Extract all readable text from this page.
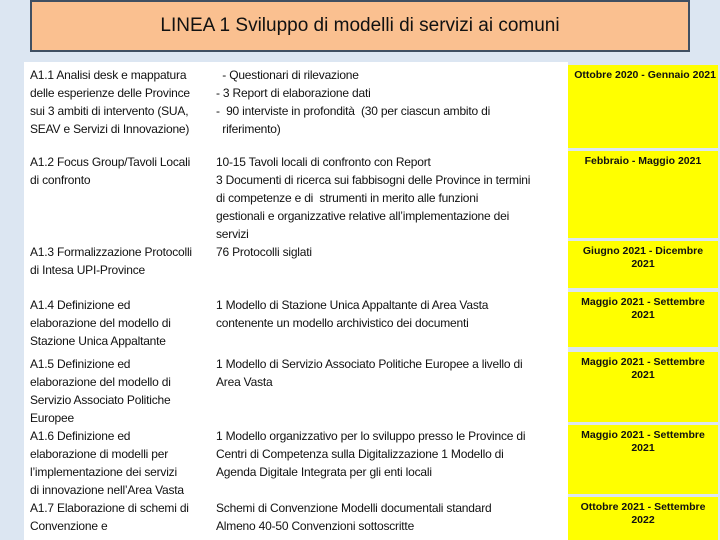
LINEA 1 Sviluppo di modelli di servizi ai comuni
A1.1 Analisi desk e mappatura
delle esperienze delle Province
sui 3 ambiti di intervento (SUA,
SEAV e Servizi di Innovazione)
- Questionari di rilevazione
- 3 Report di elaborazione dati
-  90 interviste in profondità  (30 per ciascun ambito di
riferimento)
A1.2 Focus Group/Tavoli Locali
di confronto
10-15 Tavoli locali di confronto con Report
3 Documenti di ricerca sui fabbisogni delle Province in termini
di competenze e di  strumenti in merito alle funzioni
gestionali e organizzative relative all’implementazione dei
servizi
A1.3 Formalizzazione Protocolli
di Intesa UPI-Province
76 Protocolli siglati
A1.4 Definizione ed
elaborazione del modello di
Stazione Unica Appaltante
1 Modello di Stazione Unica Appaltante di Area Vasta
contenente un modello archivistico dei documenti
A1.5 Definizione ed
elaborazione del modello di
Servizio Associato Politiche
Europee
1 Modello di Servizio Associato Politiche Europee a livello di
Area Vasta
A1.6 Definizione ed
elaborazione di modelli per
l’implementazione dei servizi
di innovazione nell’Area Vasta
1 Modello organizzativo per lo sviluppo presso le Province di
Centri di Competenza sulla Digitalizzazione 1 Modello di
Agenda Digitale Integrata per gli enti locali
A1.7 Elaborazione di schemi di
Convenzione e
Schemi di Convenzione Modelli documentali standard
Almeno 40-50 Convenzioni sottoscritte
Ottobre 2020 - Gennaio 2021
Febbraio - Maggio 2021
Giugno 2021 - Dicembre 2021
Maggio 2021 - Settembre 2021
Maggio 2021 - Settembre 2021
Maggio 2021 - Settembre 2021
Ottobre 2021 - Settembre 2022
